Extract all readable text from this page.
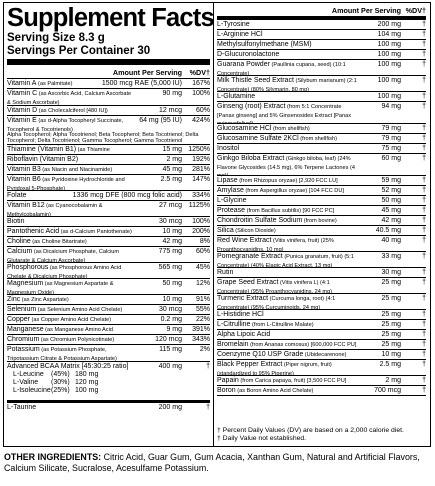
Supplement Facts
Serving Size 8.3 g
Servings Per Container 30
Amount Per Serving %DV†
Vitamin A (as Palmitate)	1500 mcg RAE (5,000 IU) 167%
Vitamin C (as Ascorbic Acid, Calcium Ascorbate & Sodium Ascorbate)
90 mg 100%
Vitamin D (as Cholecalciferol [480 IU])	12 mcg 60%
Vitamin E (as d-Alpha Tocopheryl Succinate, Tocopherol & Tocotrienols)
64 mg (95 IU) 424%
Alpha Tocopherol; Alpha Tocotrienol; Beta Tocopherol; Beta Tocotrienol; Delta Tocopherol; Delta Tocotrienol; Gamma Tocopherol; Gamma Tocotrienol
Thiamine (Vitamin B1) (as Thiamine	15 mg 1250%
Riboflavin (Vitamin B2)	2 mg 192%
Vitamin B3 (as Niacin and Niacinamide)	45 mg 281%
Vitamin B6 (as Pyridoxine Hydrochloride and Pyridoxal 5-Phosphate)
2.5 mg 147%
Folate	1336 mcg DFE (800 mcg folic acid) 334%
Vitamin B12 (as Cyanocobalamin & Methylcobalamin)
27 mcg 1125%
Biotin	30 mcg 100%
Pantothenic Acid (as d-Calcium Pantothenate)	10 mg 200%
Choline (as Choline Bitartrate)	42 mg	8%
Calcium (as Dicalcium Phosphate, Calcium Glutarate & Calcium Ascorbate)
775 mg 60%
Phosphorous (as Phosphorous Amino Acid Chelate & Dicalcium Phosphate)
565 mg 45%
Magnesium (as Magnesium Aspartate & Magnesium Oxide)
50 mg 12%
Zinc (as Zinc Aspartate)	10 mg 91%
Selenium (as Selenium Amino Acid Chelate)	30 mcg 55%
Copper (as Copper Amino Acid Chelate)	0.2 mg 22%
Manganese (as Manganese Amino Acid	9 mg 391%
Chromium (as Chromium Polynicotinate)	120 mcg 343%
Potassium (as Potassium Phosphate, Tripotassium Citrate & Potassium Aspartate)
115 mg	2%
Advanced BCAA Matrix [45:30:25 ratio]	400 mg	†
L-Leucine (45%) 180 mg
L-Valine (30%) 120 mg
L-Isoleucine (25%) 100 mg
L-Taurine	200 mg	†
Amount Per Serving %DV†
L-Tyrosine	200 mg	†
L-Arginine HCl	104 mg	†
Methylsulfonylmethane (MSM)	100 mg	†
D-Glucuronolactone	100 mg	†
Guarana Powder (Paullinia cupana, seed) (10:1 Concentrate)
100 mg	†
Milk Thistle Seed Extract (Silybum marianum) (2:1 Concentrate) (80% Silymarin, 80 mg)
100 mg	†
L-Glutamine	100 mg	†
Ginseng (root) Extract (from 5:1 Concentrate [Panax ginseng] and 5% Ginsenosides Extract [Panax
94 mg	†
Glucosamine HCl (from shellfish)	79 mg	†
Glucosamine Sulfate 2KCl (from shellfish)	79 mg	†
Inositol	75 mg	†
Ginkgo Biloba Extract (Ginkgo biloba, leaf) (24% Flavone Glycosides (14.5 mg), 6% Terpene Lactones (4
60 mg	†
Lipase (from Rhizopus oryzae) [2,920 FCC LU]	59 mg	†
Amylase (from Aspergillus oryzae) [104 FCC DU]	52 mg	†
L-Glycine	50 mg	†
Protease (from Bacillus subtilis) [90 FCC PC]	45 mg	†
Chondroitin Sulfate Sodium (from bovine)	42 mg	†
Silica (Silicon Dioxide)	40.5 mg	†
Red Wine Extract (Vitis vinifera, fruit) (25% Proanthocyanidins, 10 mg)
40 mg	†
Pomegranate Extract (Punica granatum, fruit) (5:1 Concentrate) (40% Elagic Acid Extract, 13 mg)
33 mg	†
Rutin	30 mg	†
Grape Seed Extract (Vitis vinifera L) (4:1 Concentrate) (95% Proanthocyanidins, 24 mg)
25 mg	†
Turmeric Extract (Curcuma longa, root) (4:1 Concentrate) (95% Curcuminoids, 24 mg)
25 mg	†
L-Histidine HCl	25 mg	†
L-Citrulline (from L-Citrulline Malate)	25 mg	†
Alpha Lipoic Acid	25 mg	†
Bromelain (from Ananas comosus) [600,000 FCC PU]	25 mg	†
Coenzyme Q10 USP Grade (Ubidecarenone)	10 mg	†
Black Pepper Extract (Piper nigrum, fruit) (standardized to 95% Piperine)
2.5 mg	†
Papain (from Carica papaya, fruit) [3,500 FCC PU]	2 mg	†
Boron (as Boron Amino Acid Chelate)	700 mcg	†
† Percent Daily Values (DV) are based on a 2,000 calorie diet.
† Daily Value not established.
OTHER INGREDIENTS: Citric Acid, Guar Gum, Gum Acacia, Xanthan Gum, Natural and Artificial Flavors, Calcium Silicate, Sucralose, Acesulfame Potassium.
